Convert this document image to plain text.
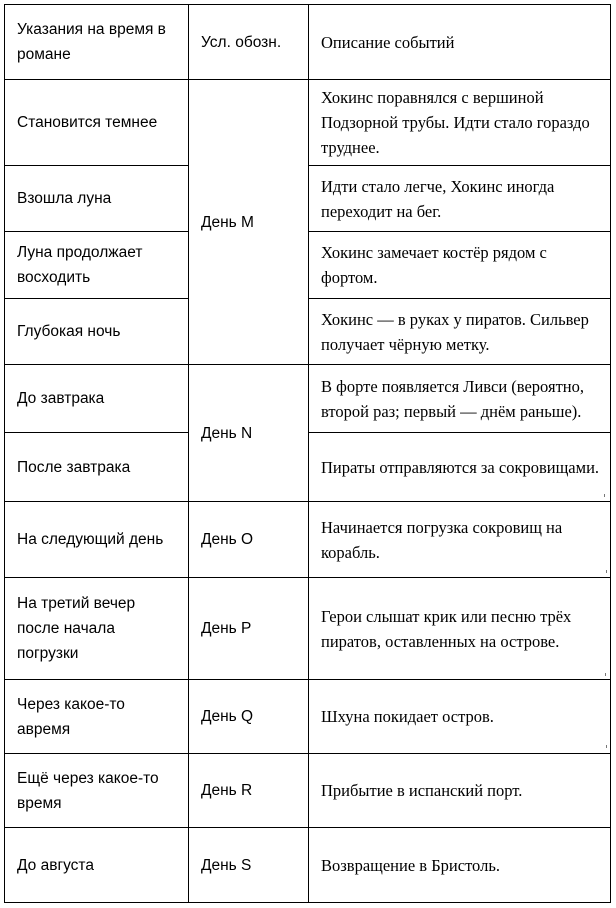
Указания на время в романе	Усл. обозн.	Описание событий
Становится темнее	День M	Хокинс поравнялся с вершиной Подзорной трубы. Идти стало гораздо труднее.
Взошла луна		Идти стало легче, Хокинс иногда переходит на бег.
Луна продолжает восходить		Хокинс замечает костёр рядом с фортом.
Глубокая ночь		Хокинс — в руках у пиратов. Сильвер получает чёрную метку.
До завтрака	День N	В форте появляется Ливси (вероятно, второй раз; первый — днём раньше).
После завтрака		Пираты отправляются за сокровищами.
На следующий день	День O	Начинается погрузка сокровищ на корабль.
На третий вечер после начала погрузки	День P	Герои слышат крик или песню трёх пиратов, оставленных на острове.
Через какое-то авремя	День Q	Шхуна покидает остров.
Ещё через какое-то время	День R	Прибытие в испанский порт.
До августа	День S	Возвращение в Бристоль.
